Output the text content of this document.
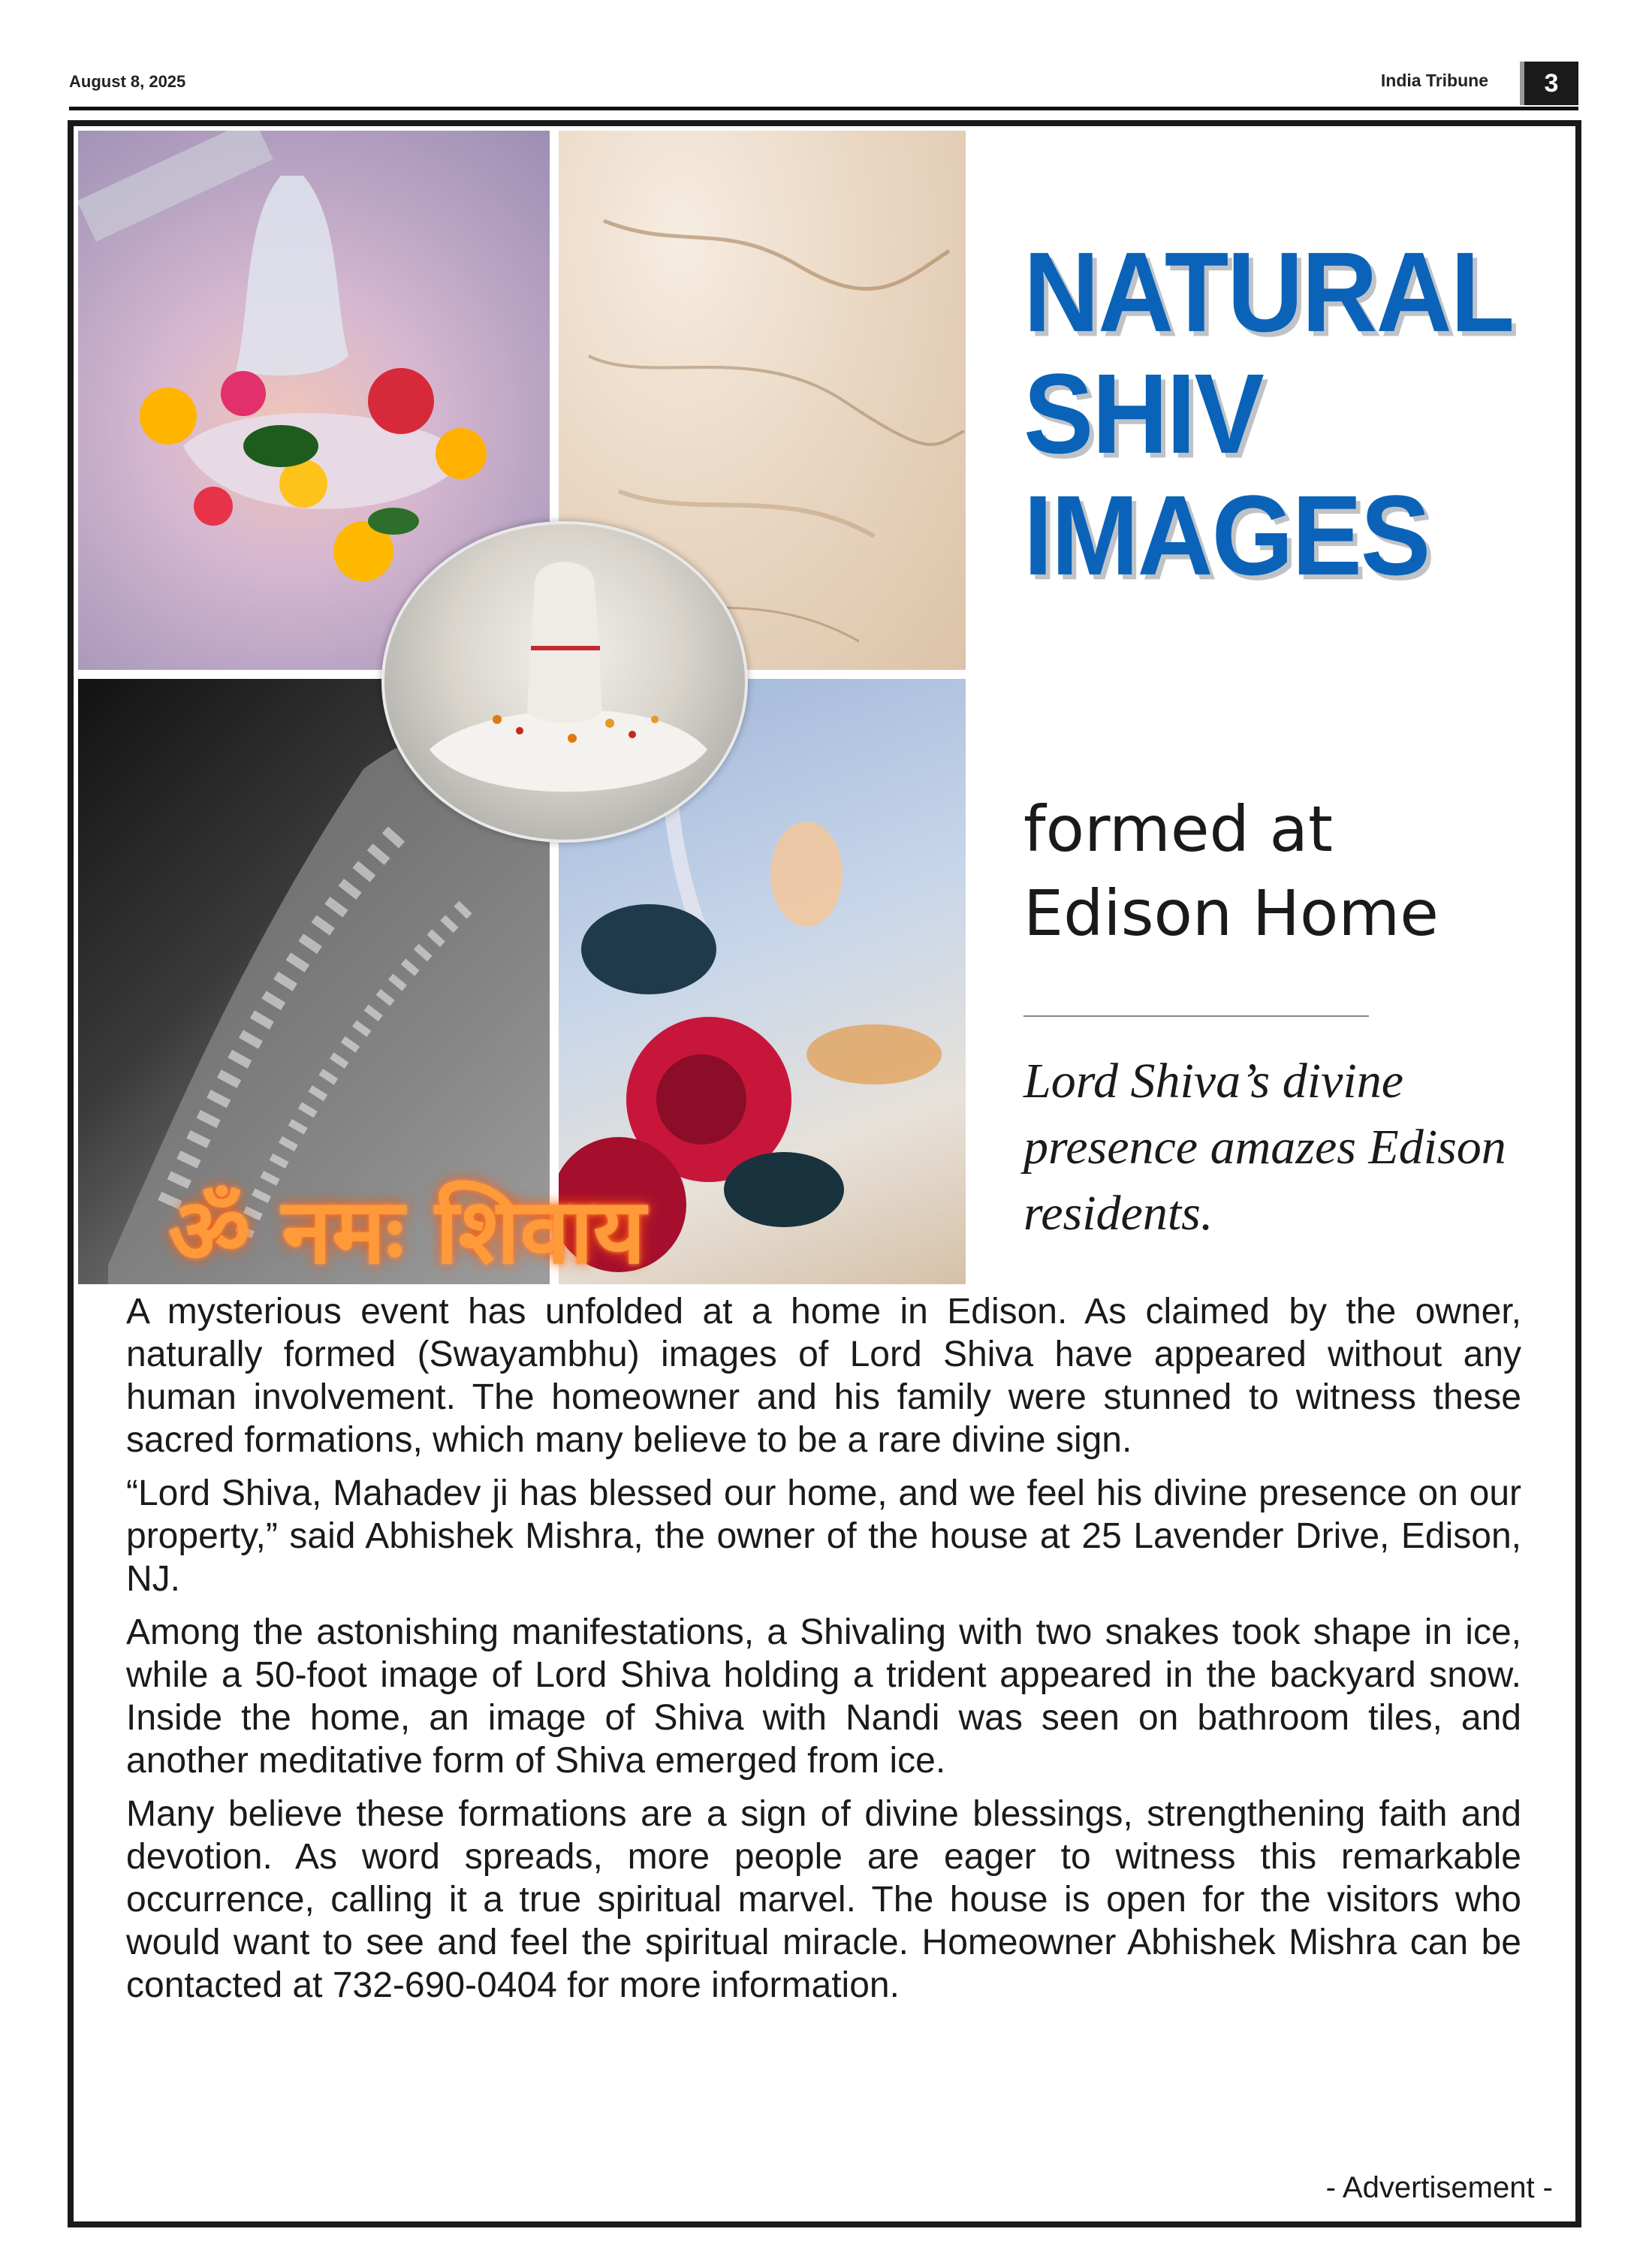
August 8, 2025	India Tribune	3
ॐ नमः शिवाय
NATURAL
SHIV
IMAGES
formed at
Edison Home
Lord Shiva’s divine presence amazes Edison residents.

A mysterious event has unfolded at a home in Edison. As claimed by the owner, naturally formed (Swayambhu) images of Lord Shiva have appeared without any human involvement. The homeowner and his family were stunned to witness these sacred formations, which many believe to be a rare divine sign.

“Lord Shiva, Mahadev ji has blessed our home, and we feel his divine presence on our property,” said Abhishek Mishra, the owner of the house at 25 Lavender Drive, Edison, NJ.

Among the astonishing manifestations, a Shivaling with two snakes took shape in ice, while a 50-foot image of Lord Shiva holding a trident appeared in the backyard snow. Inside the home, an image of Shiva with Nandi was seen on bathroom tiles, and another meditative form of Shiva emerged from ice.

Many believe these formations are a sign of divine blessings, strengthening faith and devotion. As word spreads, more people are eager to witness this remarkable occurrence, calling it a true spiritual marvel. The house is open for the visitors who would want to see and feel the spiritual miracle. Homeowner Abhishek Mishra can be contacted at 732-690-0404 for more information.

- Advertisement -
